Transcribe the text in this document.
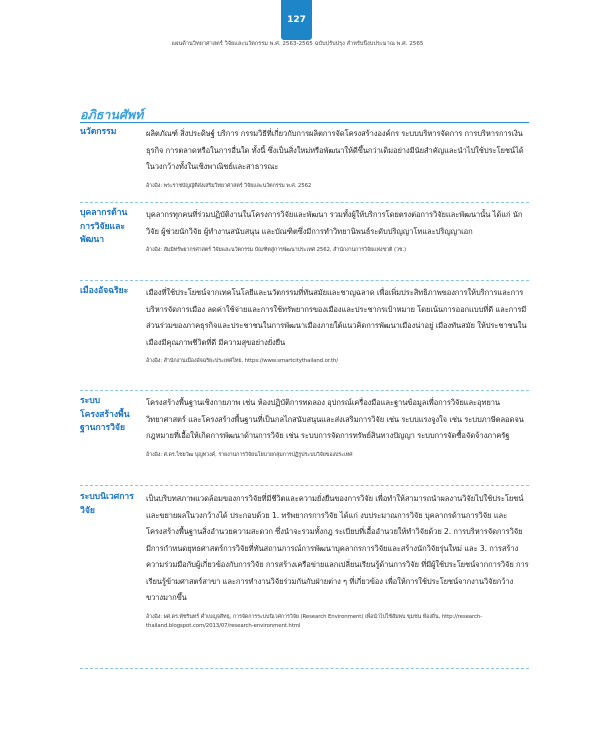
127
แผนด้านวิทยาศาสตร์ วิจัยและนวัตกรรม พ.ศ. 2563-2565 ฉบับปรับปรุง สำหรับปีงบประมาณ พ.ศ. 2565
อภิธานศัพท์
นวัตกรรม	ผลิตภัณฑ์ สิ่งประดิษฐ์ บริการ กรรมวิธีที่เกี่ยวกับการผลิตการจัดโครงสร้างองค์กร ระบบบริหารจัดการ การบริหารการเงิน ธุรกิจ การตลาดหรือในการอื่นใด ทั้งนี้ ซึ่งเป็นสิ่งใหม่หรือพัฒนาให้ดีขึ้นกว่าเดิมอย่างมีนัยสำคัญและนำไปใช้ประโยชน์ได้ในวงกว้างทั้งในเชิงพาณิชย์และสาธารณะ
อ้างอิง: พระราชบัญญัติส่งเสริมวิทยาศาสตร์ วิจัยและนวัตกรรม พ.ศ. 2562
บุคลากรด้านการวิจัยและพัฒนา
บุคลากรทุกคนที่ร่วมปฏิบัติงานในโครงการวิจัยและพัฒนา รวมทั้งผู้ให้บริการโดยตรงต่อการวิจัยและพัฒนานั้น ได้แก่ นักวิจัย ผู้ช่วยนักวิจัย ผู้ทำงานสนับสนุน และบัณฑิตซึ่งมีการทำวิทยานิพนธ์ระดับปริญญาโทและปริญญาเอก
อ้างอิง: สัมมิทรัพยากรศาสตร์ วิจัยและนวัตกรรม บัณฑิตสู่การพัฒนาประเทศ 2562, สำนักงานการวิจัยแห่งชาติ (วช.)
เมืองอัจฉริยะ	เมืองที่ใช้ประโยชน์จากเทคโนโลยีและนวัตกรรมที่ทันสมัยและชาญฉลาด เพื่อเพิ่มประสิทธิภาพของการให้บริการและการบริหารจัดการเมือง ลดค่าใช้จ่ายและการใช้ทรัพยากรของเมืองและประชากรเป้าหมาย โดยเน้นการออกแบบที่ดี และการมีส่วนร่วมของภาคธุรกิจและประชาชนในการพัฒนาเมืองภายใต้แนวคิดการพัฒนาเมืองน่าอยู่ เมืองทันสมัย ให้ประชาชนในเมืองมีคุณภาพชีวิตที่ดี มีความสุขอย่างยั่งยืน
อ้างอิง: สำนักงานเมืองอัจฉริยะประเทศไทย, https://www.smartcitythailand.or.th/
ระบบโครงสร้างพื้นฐานการวิจัย
โครงสร้างพื้นฐานเชิงกายภาพ เช่น ห้องปฏิบัติการทดลอง อุปกรณ์เครื่องมือและฐานข้อมูลเพื่อการวิจัยและอุทยานวิทยาศาสตร์ และโครงสร้างพื้นฐานที่เป็นกลไกสนับสนุนและส่งเสริมการวิจัย เช่น ระบบแรงจูงใจ เช่น ระบบภาษีตลอดจนกฎหมายที่เอื้อให้เกิดการพัฒนาด้านการวิจัย เช่น ระบบการจัดการทรัพย์สินทางปัญญา ระบบการจัดซื้อจัดจ้างภาครัฐ
อ้างอิง: ศ.ดร.ไชยวัฒ บุญทวงค์, รายงานการวิจัยนโยบายกลุ่มการปฏิรูประบบวิจัยของประเทศ
ระบบนิเวศการวิจัย
เป็นบริบทสภาพแวดล้อมของการวิจัยที่มีชีวิตและความยั่งยืนของการวิจัย เพื่อทำให้สามารถนำผลงานวิจัยไปใช้ประโยชน์และขยายผลในวงกว้างได้ ประกอบด้วย 1. ทรัพยากรการวิจัย ได้แก่ งบประมาณการวิจัย บุคลากรด้านการวิจัย และโครงสร้างพื้นฐานสิ่งอำนวยความสะดวก ซึ่งนำจะรวมทั้งกฎ ระเบียบที่เอื้ออำนวยให้ทำวิจัยด้วย 2. การบริหารจัดการวิจัย มีการกำหนดยุทธศาสตร์การวิจัยที่ทันสถานการณ์การพัฒนาบุคลากรการวิจัยและสร้างนักวิจัยรุ่นใหม่ และ 3. การสร้างความร่วมมือกับผู้เกี่ยวข้องกับการวิจัย การสร้างเครือข่ายแลกเปลี่ยนเรียนรู้ด้านการวิจัย ที่มีผู้ใช้ประโยชน์จากการวิจัย การเรียนรู้ข้ามศาสตร์สาขา และการทำงานวิจัยร่วมกันกับฝ่ายต่าง ๆ ที่เกี่ยวข้อง เพื่อให้การใช้ประโยชน์จากงานวิจัยกว้างขวางมากขึ้น
อ้างอิง: ผศ.ดร.พัชรินทร์ คำเบญจสิทธุ, การจัดการระบบนิเวศการวิจัย (Research Environment) เพื่อนำไปใช้สัมพบ ขุมชน ท้องถิ่น, http://research-thailand.blogspot.com/2013/07/research-environment.html
